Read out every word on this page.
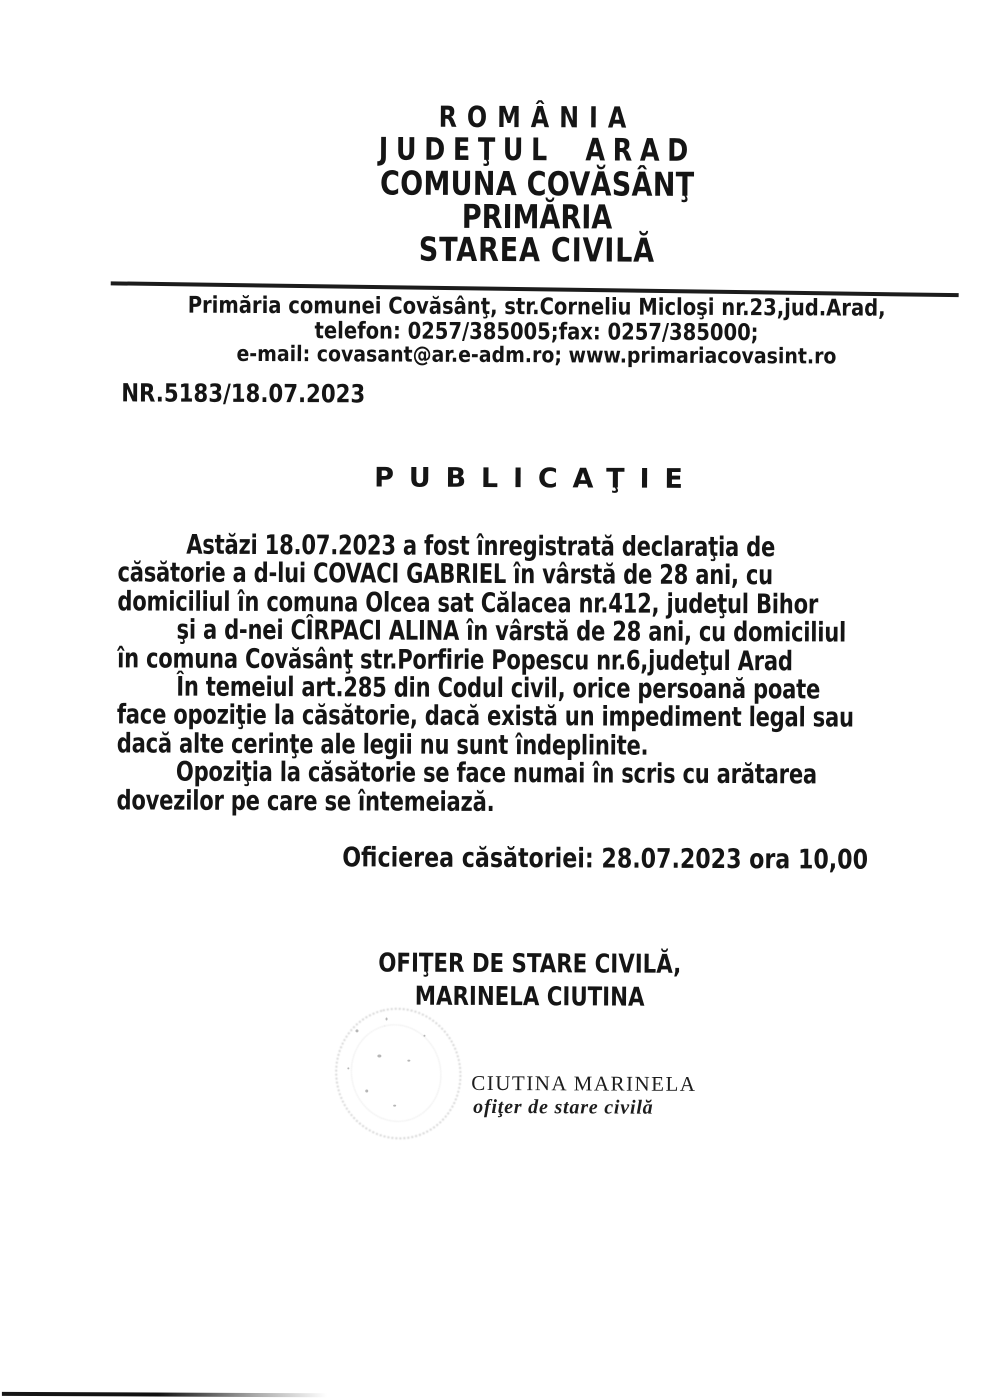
ROMÂNIA
JUDEŢUL ARAD
COMUNA COVĂSÂNŢ
PRIMĂRIA
STAREA CIVILĂ
Primăria comunei Covăsânţ, str.Corneliu Micloşi nr.23,jud.Arad,
telefon: 0257/385005;fax: 0257/385000;
e-mail: covasant@ar.e-adm.ro; www.primariacovasint.ro
NR.5183/18.07.2023
PUBLICAŢIE
Astăzi 18.07.2023 a fost înregistrată declaraţia de
căsătorie a d-lui COVACI GABRIEL în vârstă de 28 ani, cu
domiciliul în comuna Olcea sat Călacea nr.412, judeţul Bihor
şi a d-nei CÎRPACI ALINA în vârstă de 28 ani, cu domiciliul
în comuna Covăsânţ str.Porfirie Popescu nr.6,judeţul Arad
În temeiul art.285 din Codul civil, orice persoană poate
face opoziţie la căsătorie, dacă există un impediment legal sau
dacă alte cerinţe ale legii nu sunt îndeplinite.
Opoziţia la căsătorie se face numai în scris cu arătarea
dovezilor pe care se întemeiază.
Oficierea căsătoriei: 28.07.2023 ora 10,00
OFIŢER DE STARE CIVILĂ,
MARINELA CIUTINA
CIUTINA MARINELA
ofiţer de stare civilă
